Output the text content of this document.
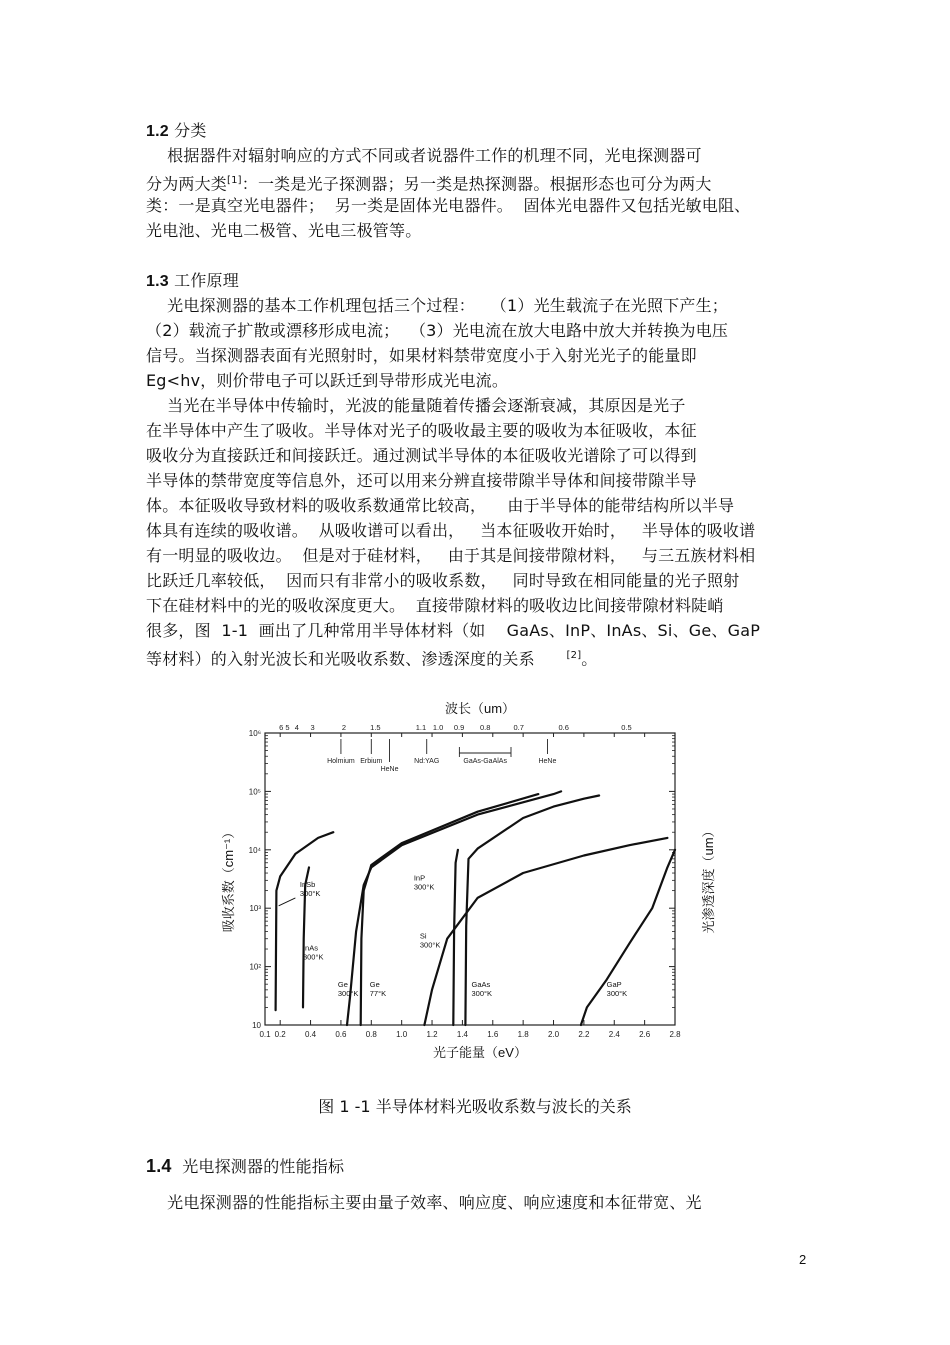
1.2 分类
根据器件对辐射响应的方式不同或者说器件工作的机理不同，光电探测器可
分为两大类[1]：一类是光子探测器；另一类是热探测器。根据形态也可分为两大
类：一是真空光电器件；  另一类是固体光电器件。  固体光电器件又包括光敏电阻、
光电池、光电二极管、光电三极管等。
1.3 工作原理
光电探测器的基本工作机理包括三个过程：   （1）光生载流子在光照下产生；
（2）载流子扩散或漂移形成电流；  （3）光电流在放大电路中放大并转换为电压
信号。当探测器表面有光照射时，如果材料禁带宽度小于入射光光子的能量即
Eg<hv，则价带电子可以跃迁到导带形成光电流。
当光在半导体中传输时，光波的能量随着传播会逐渐衰减，其原因是光子
在半导体中产生了吸收。半导体对光子的吸收最主要的吸收为本征吸收，本征
吸收分为直接跃迁和间接跃迁。通过测试半导体的本征吸收光谱除了可以得到
半导体的禁带宽度等信息外，还可以用来分辨直接带隙半导体和间接带隙半导
体。本征吸收导致材料的吸收系数通常比较高，    由于半导体的能带结构所以半导
体具有连续的吸收谱。  从吸收谱可以看出，   当本征吸收开始时，   半导体的吸收谱
有一明显的吸收边。  但是对于硅材料，   由于其是间接带隙材料，   与三五族材料相
比跃迁几率较低，  因而只有非常小的吸收系数，   同时导致在相同能量的光子照射
下在硅材料中的光的吸收深度更大。  直接带隙材料的吸收边比间接带隙材料陡峭
很多，图  1-1  画出了几种常用半导体材料（如    GaAs、InP、InAs、Si、Ge、GaP
等材料）的入射光波长和光吸收系数、渗透深度的关系	[2]。
0.1 0.2 0.4 0.6 0.8 1.0 1.2 1.4 1.6 1.8 2.0 2.2 2.4 2.6 2.8
10
10²
10³
10⁴
10⁵
10⁶
6 5 4 3	2	1.5	1.1 1.0 0.9 0.8	0.7	0.6	0.5
波长（um）
Holmium Erbium
HeNe
Nd:YAG	GaAs-GaAlAs	HeNe
InSb 300°K
InAs 300°K
Ge 300°K
Ge 77°K
InP 300°K
GaAs 300°K
Si 300°K
GaP 300°K
光子能量（eV）
吸收系数（cm⁻¹）	光渗透深度（um）
图 1 -1 半导体材料光吸收系数与波长的关系
1.4 光电探测器的性能指标
光电探测器的性能指标主要由量子效率、响应度、响应速度和本征带宽、光
2
